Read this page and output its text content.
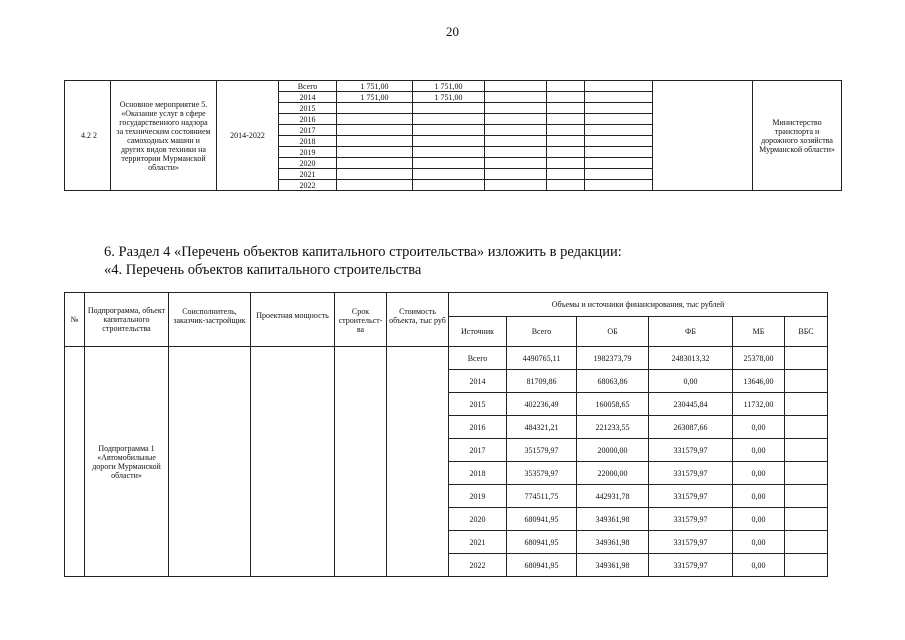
20
4.2 2	Основное мероприятие 5. «Оказание услуг в сфере государственного надзора за техническим состоянием самоходных машин и других видов техники на территории Мурманской области»	2014-2022	Всего	1 751,00	1 751,00					Министерство транспорта и дорожного хозяйства Мурманской области»
			2014	1 751,00	1 751,00					
			2015							
			2016							
			2017							
			2018							
			2019							
			2020							
			2021							
			2022							
6. Раздел 4 «Перечень объектов капитального строительства» изложить в редакции:
«4. Перечень объектов капитального строительства
№	Подпрограмма, объект капитального строительства	Соисполнитель, заказчик-застройщик	Проектная мощность	Срок строительст-ва	Стоимость объекта, тыс руб	Объемы и источники финансирования, тыс рублей					
						Источник	Всего	ОБ	ФБ	МБ	ВБС
	Подпрограмма 1 «Автомобильные дороги Мурманской области»					Всего	4490765,11	1982373,79	2483013,32	25378,00	
						2014	81709,86	68063,86	0,00	13646,00	
						2015	402236,49	160058,65	230445,84	11732,00	
						2016	484321,21	221233,55	263087,66	0,00	
						2017	351579,97	20000,00	331579,97	0,00	
						2018	353579,97	22000,00	331579,97	0,00	
						2019	774511,75	442931,78	331579,97	0,00	
						2020	680941,95	349361,98	331579,97	0,00	
						2021	680941,95	349361,98	331579,97	0,00	
						2022	680941,95	349361,98	331579,97	0,00	
